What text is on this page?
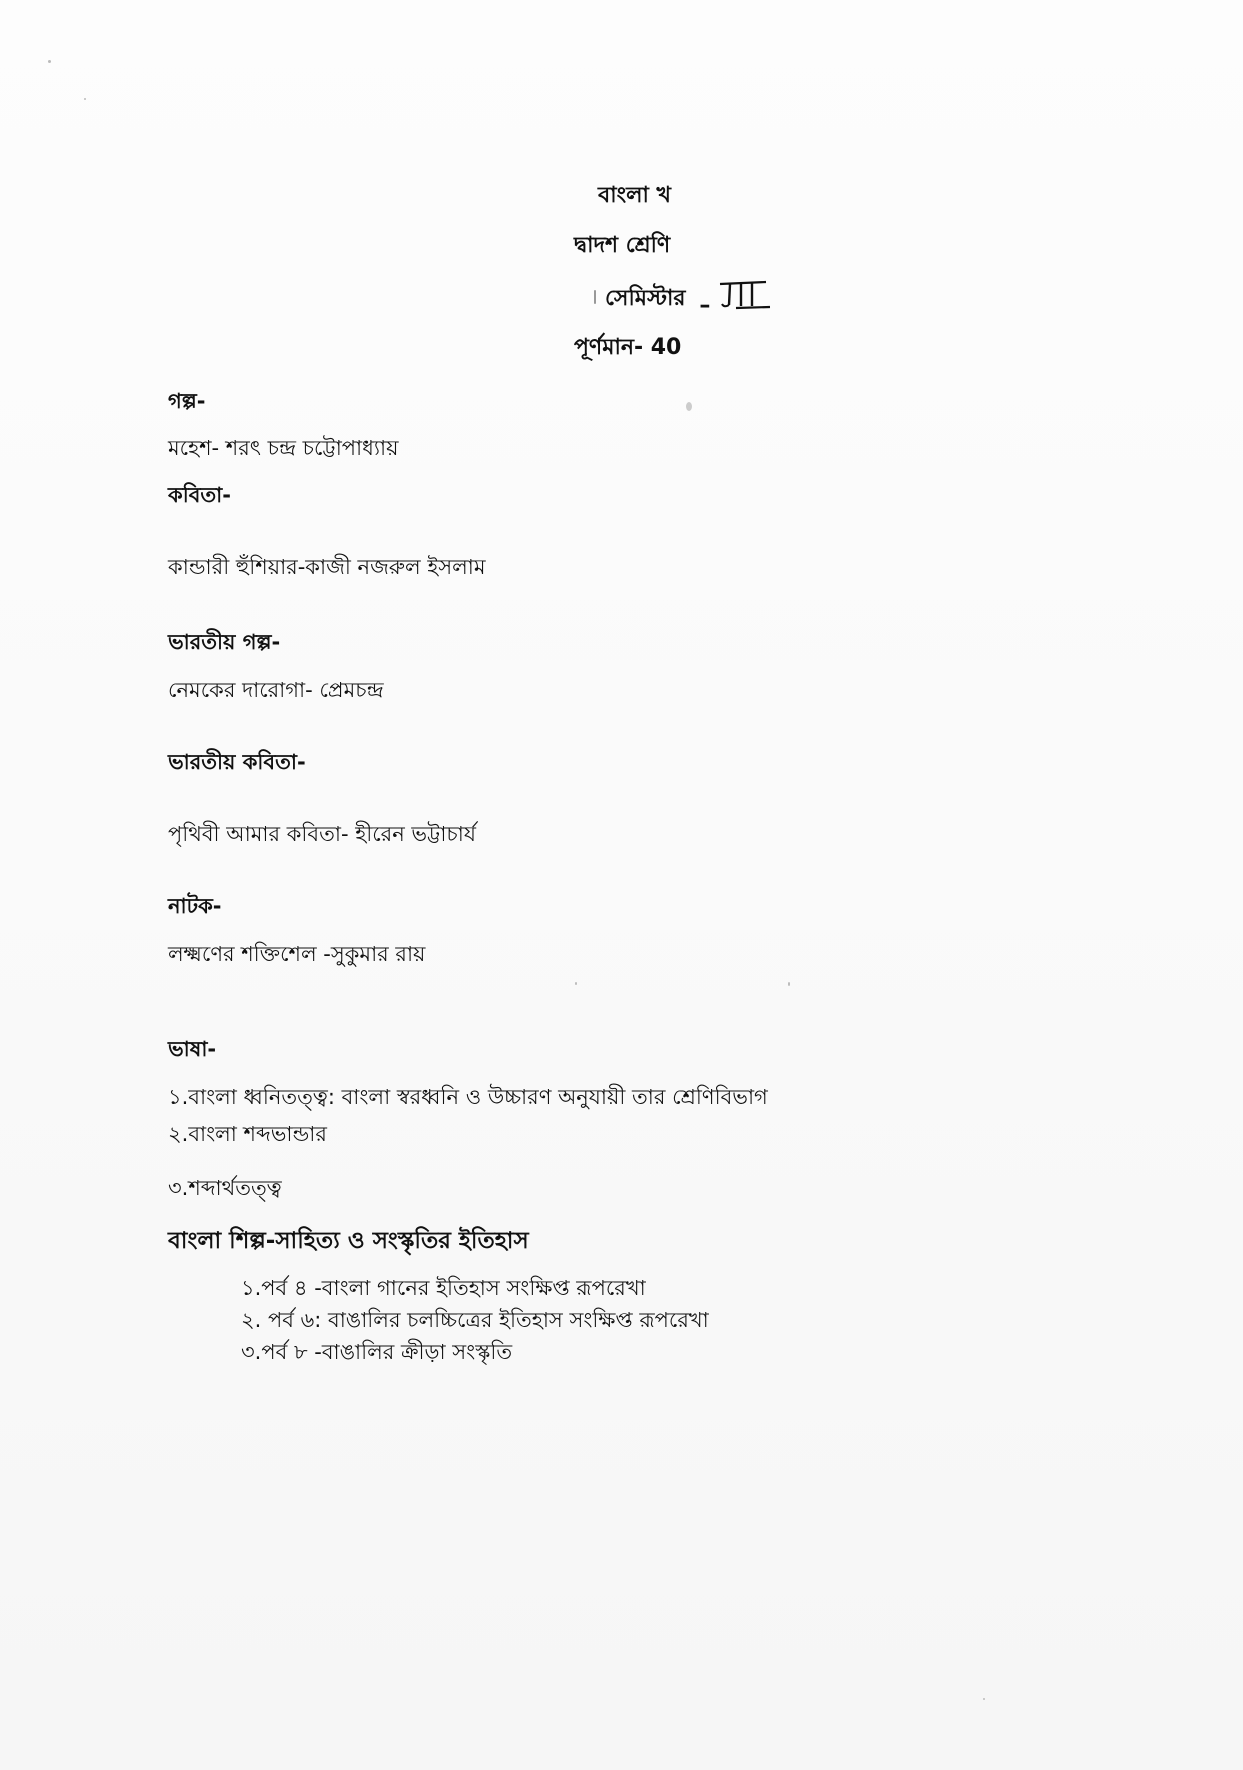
বাংলা খ
দ্বাদশ শ্রেণি
সেমিস্টার –
পূর্ণমান- 40
গল্প-
মহেশ- শরৎ চন্দ্র চট্টোপাধ্যায়
কবিতা-
কান্ডারী হুঁশিয়ার-কাজী নজরুল ইসলাম
ভারতীয় গল্প-
নেমকের দারোগা- প্রেমচন্দ্র
ভারতীয় কবিতা-
পৃথিবী আমার কবিতা- হীরেন ভট্টাচার্য
নাটক-
লক্ষ্মণের শক্তিশেল -সুকুমার রায়
ভাষা-
১.বাংলা ধ্বনিতত্ত্ব: বাংলা স্বরধ্বনি ও উচ্চারণ অনুযায়ী তার শ্রেণিবিভাগ
২.বাংলা শব্দভান্ডার
৩.শব্দার্থতত্ত্ব
বাংলা শিল্প-সাহিত্য ও সংস্কৃতির ইতিহাস
১.পর্ব ৪ -বাংলা গানের ইতিহাস সংক্ষিপ্ত রূপরেখা
২. পর্ব ৬: বাঙালির চলচ্চিত্রের ইতিহাস সংক্ষিপ্ত রূপরেখা
৩.পর্ব ৮ -বাঙালির ক্রীড়া সংস্কৃতি
